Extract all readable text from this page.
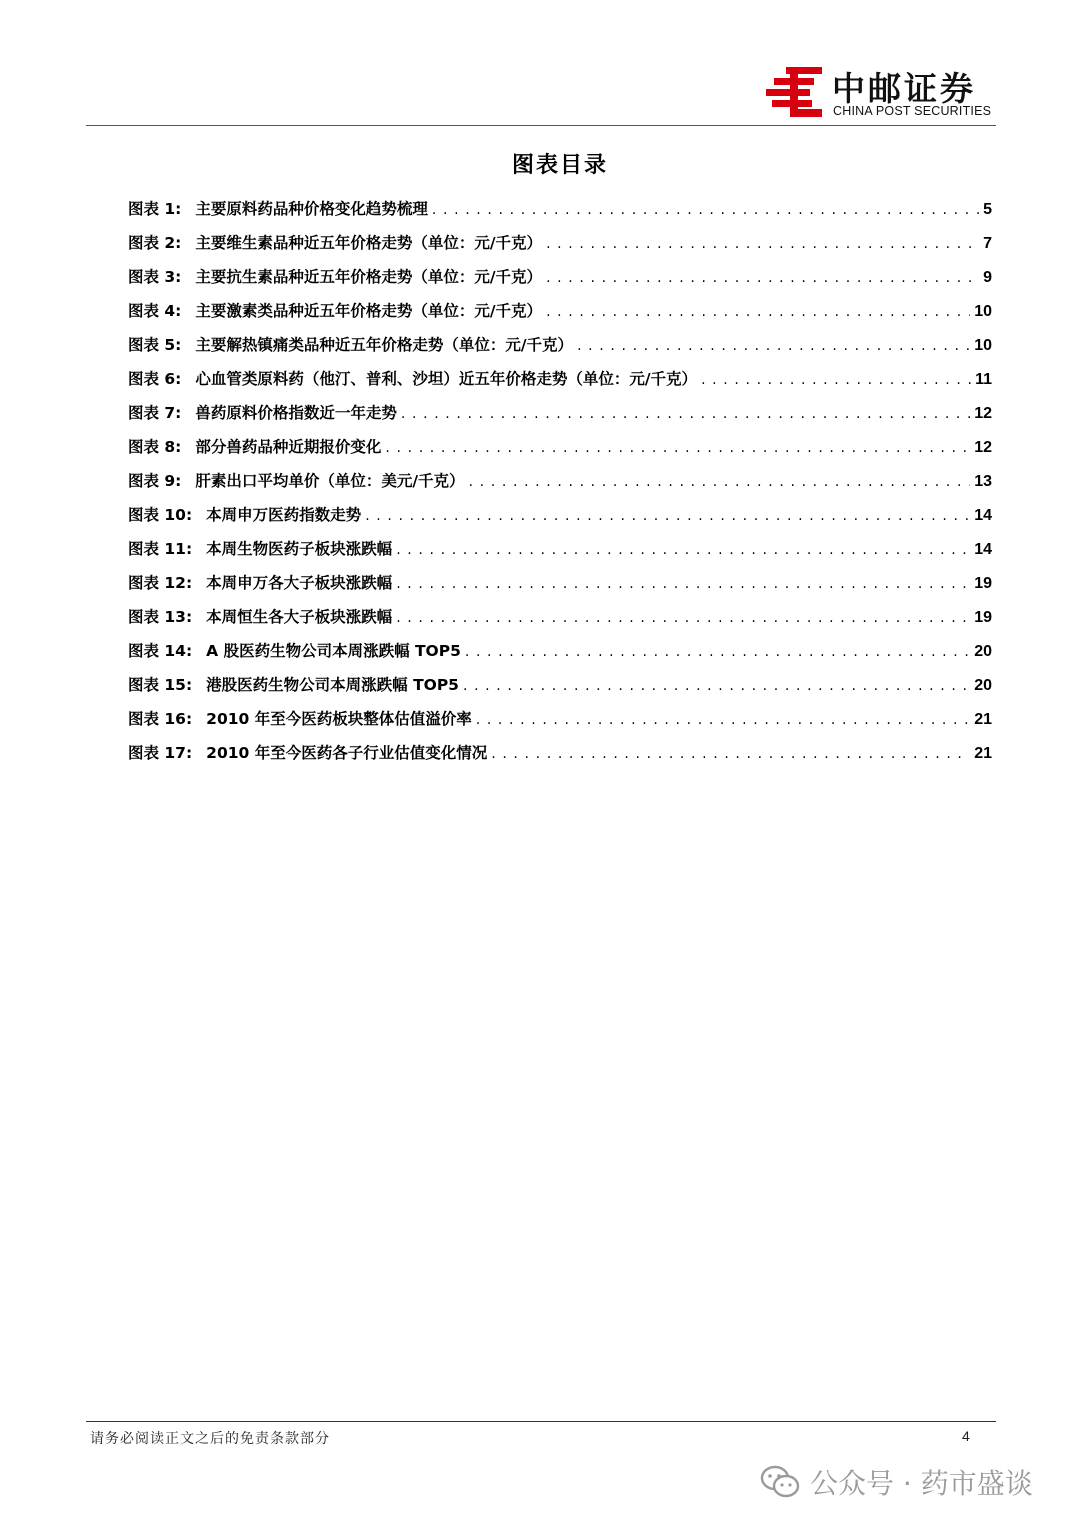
中邮证券
CHINA POST SECURITIES
图表目录
图表 1: 主要原料药品种价格变化趋势梳理 . . .	5
图表 2: 主要维生素品种近五年价格走势（单位：元/千克） . . .	7
图表 3: 主要抗生素品种近五年价格走势（单位：元/千克） . . .	9
图表 4: 主要激素类品种近五年价格走势（单位：元/千克） . . .	10
图表 5: 主要解热镇痛类品种近五年价格走势（单位：元/千克） . . .	10
图表 6: 心血管类原料药（他汀、普利、沙坦）近五年价格走势（单位：元/千克） . . .	11
图表 7: 兽药原料价格指数近一年走势 . . .	12
图表 8: 部分兽药品种近期报价变化 . . .	12
图表 9: 肝素出口平均单价（单位：美元/千克） . . .	13
图表 10: 本周申万医药指数走势 . . .	14
图表 11: 本周生物医药子板块涨跌幅 . . .	14
图表 12: 本周申万各大子板块涨跌幅 . . .	19
图表 13: 本周恒生各大子板块涨跌幅 . . .	19
图表 14: A 股医药生物公司本周涨跌幅 TOP5 . . .	20
图表 15: 港股医药生物公司本周涨跌幅 TOP5 . . .	20
图表 16: 2010 年至今医药板块整体估值溢价率 . . .	21
图表 17: 2010 年至今医药各子行业估值变化情况 . . .	21
请务必阅读正文之后的免责条款部分	4
公众号 · 药市盛谈
